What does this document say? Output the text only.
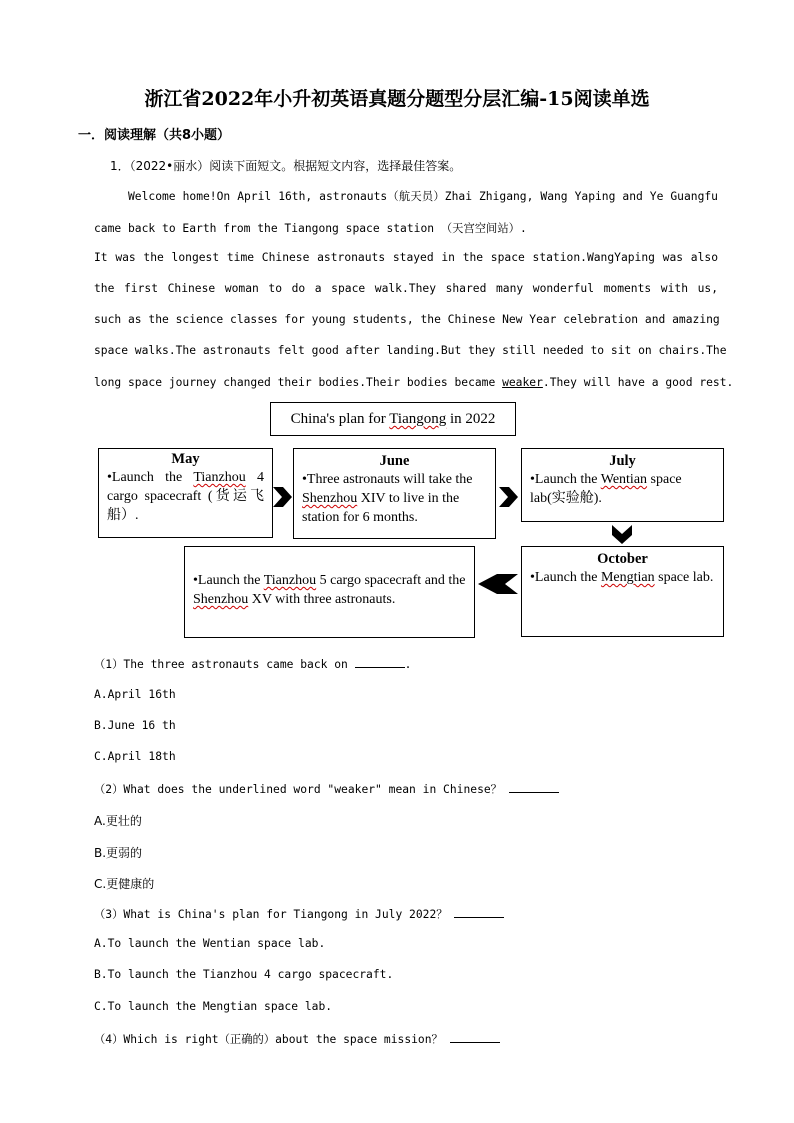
浙江省2022年小升初英语真题分题型分层汇编-15阅读单选
一．阅读理解（共8小题）
1．（2022•丽水）阅读下面短文。根据短文内容，选择最佳答案。
Welcome home!On April 16th, astronauts（航天员）Zhai Zhigang, Wang Yaping and Ye Guangfu
came back to Earth from the Tiangong space station （天宫空间站）.
It was the longest time Chinese astronauts stayed in the space station.WangYaping was also
the first Chinese woman to do a space walk.They shared many wonderful moments with us,
such as the science classes for young students, the Chinese New Year celebration and amazing
space walks.The astronauts felt good after landing.But they still needed to sit on chairs.The
long space journey changed their bodies.Their bodies became weaker.They will have a good rest.
China's plan for Tiangong in 2022
May
•Launch the Tianzhou 4 cargo spacecraft (货运飞船）.
June
•Three astronauts will take the Shenzhou XIV to live in the station for 6 months.
July
•Launch the Wentian space lab(实验舱).
October
•Launch the Mengtian space lab.
•Launch the Tianzhou 5 cargo spacecraft and the Shenzhou XV with three astronauts.
（1）The three astronauts came back on	.
A.April 16th
B.June 16 th
C.April 18th
（2）What does the underlined word "weaker" mean in Chinese？
A.更壮的
B.更弱的
C.更健康的
（3）What is China's plan for Tiangong in July 2022？
A.To launch the Wentian space lab.
B.To launch the Tianzhou 4 cargo spacecraft.
C.To launch the Mengtian space lab.
（4）Which is right（正确的）about the space mission？
